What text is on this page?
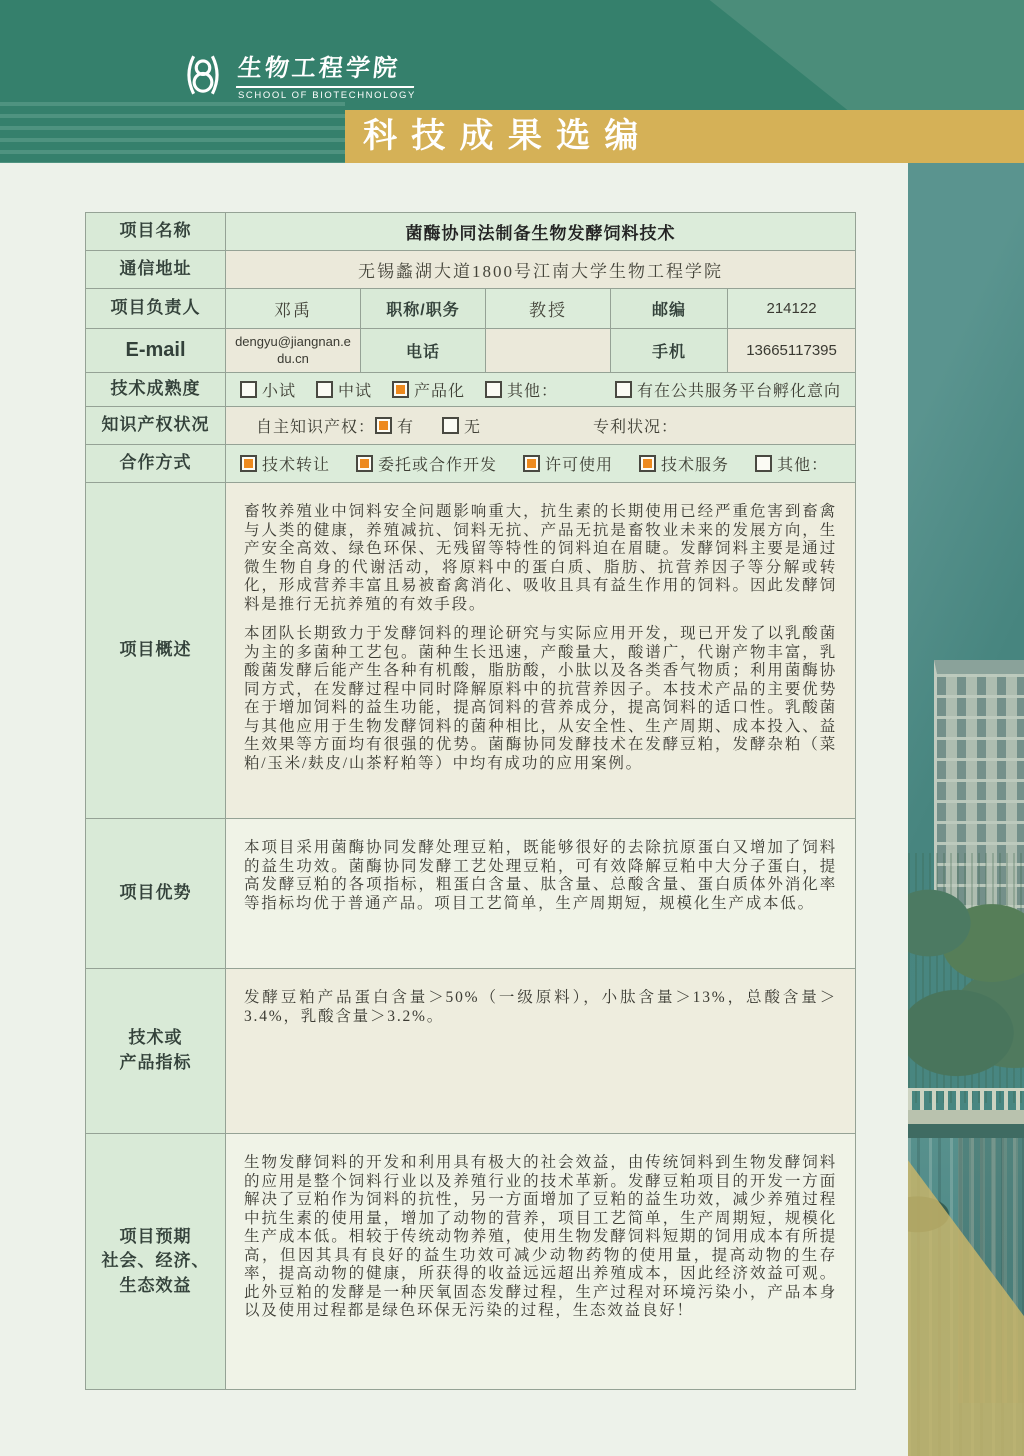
生物工程学院
SCHOOL OF BIOTECHNOLOGY
科技成果选编
项目名称	菌酶协同法制备生物发酵饲料技术				
通信地址	无锡蠡湖大道1800号江南大学生物工程学院				
项目负责人	邓禹	职称/职务	教授	邮编	214122
E-mail	dengyu@jiangnan.edu.cn	电话		手机	13665117395
技术成熟度	小试 中试 产品化 其他： 有在公共服务平台孵化意向				

知识产权状况	自主知识产权： 有 无 专利状况：				

合作方式	技术转让 委托或合作开发 许可使用 技术服务 其他：				

项目概述	畜牧养殖业中饲料安全问题影响重大，抗生素的长期使用已经严重危害到畜禽与人类的健康，养殖减抗、饲料无抗、产品无抗是畜牧业未来的发展方向，生产安全高效、绿色环保、无残留等特性的饲料迫在眉睫。发酵饲料主要是通过微生物自身的代谢活动，将原料中的蛋白质、脂肪、抗营养因子等分解或转化，形成营养丰富且易被畜禽消化、吸收且具有益生作用的饲料。因此发酵饲料是推行无抗养殖的有效手段。

本团队长期致力于发酵饲料的理论研究与实际应用开发，现已开发了以乳酸菌为主的多菌种工艺包。菌种生长迅速，产酸量大，酸谱广，代谢产物丰富，乳酸菌发酵后能产生各种有机酸，脂肪酸，小肽以及各类香气物质；利用菌酶协同方式，在发酵过程中同时降解原料中的抗营养因子。本技术产品的主要优势在于增加饲料的益生功能，提高饲料的营养成分，提高饲料的适口性。乳酸菌与其他应用于生物发酵饲料的菌种相比，从安全性、生产周期、成本投入、益生效果等方面均有很强的优势。菌酶协同发酵技术在发酵豆粕，发酵杂粕（菜粕/玉米/麸皮/山茶籽粕等）中均有成功的应用案例。				

项目优势	本项目采用菌酶协同发酵处理豆粕，既能够很好的去除抗原蛋白又增加了饲料的益生功效。菌酶协同发酵工艺处理豆粕，可有效降解豆粕中大分子蛋白，提高发酵豆粕的各项指标，粗蛋白含量、肽含量、总酸含量、蛋白质体外消化率等指标均优于普通产品。项目工艺简单，生产周期短，规模化生产成本低。				

技术或
产品指标	发酵豆粕产品蛋白含量＞50%（一级原料），小肽含量＞13%，总酸含量＞3.4%，乳酸含量＞3.2%。				

项目预期
社会、经济、
生态效益

生物发酵饲料的开发和利用具有极大的社会效益，由传统饲料到生物发酵饲料的应用是整个饲料行业以及养殖行业的技术革新。发酵豆粕项目的开发一方面解决了豆粕作为饲料的抗性，另一方面增加了豆粕的益生功效，减少养殖过程中抗生素的使用量，增加了动物的营养，项目工艺简单，生产周期短，规模化生产成本低。相较于传统动物养殖，使用生物发酵饲料短期的饲用成本有所提高，但因其具有良好的益生功效可减少动物药物的使用量，提高动物的生存率，提高动物的健康，所获得的收益远远超出养殖成本，因此经济效益可观。此外豆粕的发酵是一种厌氧固态发酵过程，生产过程对环境污染小，产品本身以及使用过程都是绿色环保无污染的过程，生态效益良好！
